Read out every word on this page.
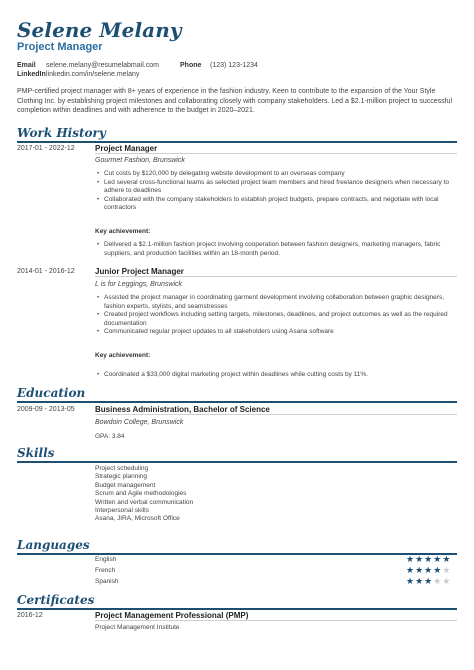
Selene Melany
Project Manager
Email selene.melany@resumelabmail.com	Phone (123) 123-1234
LinkedInlinkedin.com/in/selene.melany
PMP-certified project manager with 8+ years of experience in the fashion industry. Keen to contribute to the expansion of the Your Style Clothing Inc. by establishing project milestones and collaborating closely with company stakeholders. Led a $2.1-million project to successful completion within deadlines and with adherence to the budget in 2020–2021.
Work History
2017-01 - 2022-12	Project Manager
Gourmet Fashion, Brunswick
• Cut costs by $120,000 by delegating website development to an overseas company
• Led several cross-functional teams as selected project team members and hired freelance designers when necessary to adhere to deadlines
• Collaborated with the company stakeholders to establish project budgets, prepare contracts, and negotiate with local contractors
Key achievement:
• Delivered a $2.1-million fashion project involving cooperation between fashion designers, marketing managers, fabric suppliers, and production facilities within an 18-month period.
2014-01 - 2016-12	Junior Project Manager
L is for Leggings, Brunswick
• Assisted the project manager in coordinating garment development involving collaboration between graphic designers, fashion experts, stylists, and seamstresses
• Created project workflows including setting targets, milestones, deadlines, and project outcomes as well as the required documentation
• Communicated regular project updates to all stakeholders using Asana software
Key achievement:
• Coordinated a $33,000 digital marketing project within deadlines while cutting costs by 11%.
Education
2009-09 - 2013-05	Business Administration, Bachelor of Science
Bowdoin College, Brunswick
GPA: 3.84
Skills
Project scheduling
Strategic planning
Budget management
Scrum and Agile methodologies
Written and verbal communication
Interpersonal skills
Asana, JIRA, Microsoft Office
Languages
English	★ ★ ★ ★ ★
French	★ ★ ★ ★ ★
Spanish	★ ★ ★ ★ ★
Certificates
2016-12	Project Management Professional (PMP)
Project Management Institute
